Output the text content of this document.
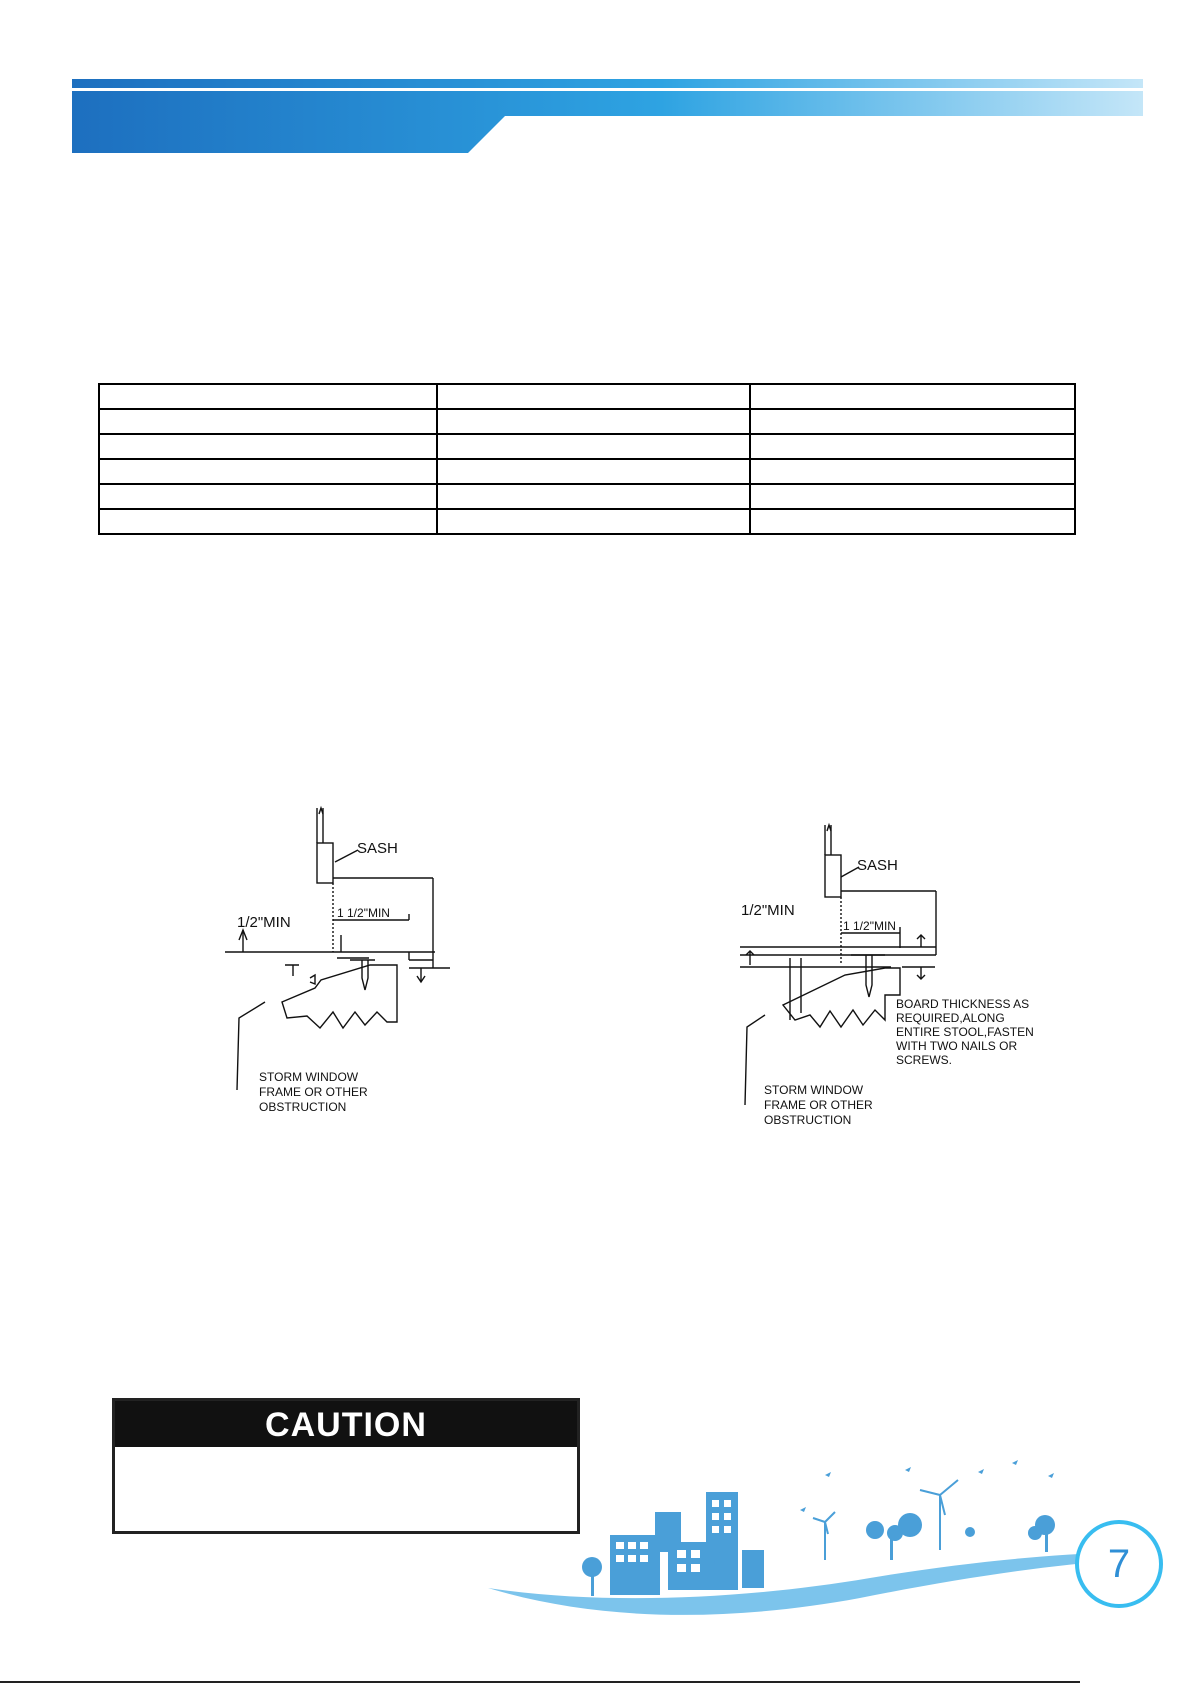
SASH
1/2"MIN
1 1/2"MIN
STORM WINDOW
FRAME OR OTHER
OBSTRUCTION
SASH
1/2"MIN
1 1/2"MIN
BOARD THICKNESS AS
REQUIRED,ALONG
ENTIRE STOOL,FASTEN
WITH TWO NAILS OR
SCREWS.
STORM WINDOW
FRAME OR OTHER
OBSTRUCTION
CAUTION
7
